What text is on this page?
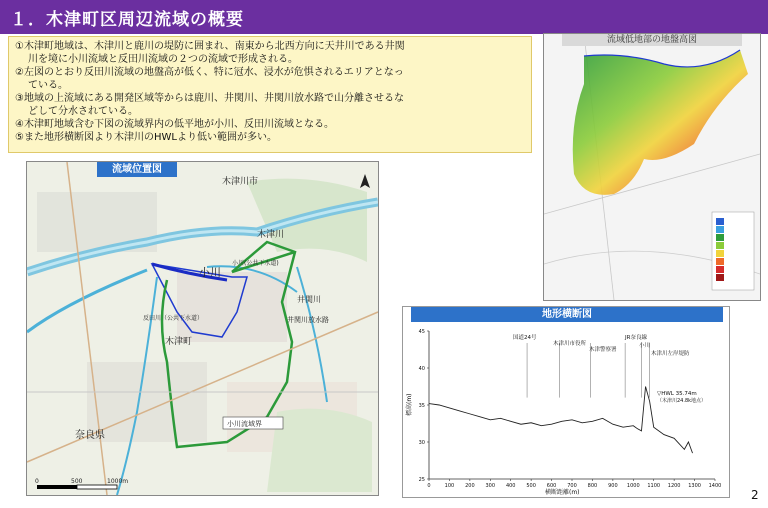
１．木津町区周辺流域の概要
①木津町地域は、木津川と鹿川の堤防に囲まれ、南東から北西方向に天井川である井関
川を境に小川流域と反田川流域の２つの流域で形成される。
②左図のとおり反田川流域の地盤高が低く、特に冠水、浸水が危惧されるエリアとなっ
ている。
③地域の上流域にある開発区域等からは鹿川、井関川、井関川放水路で山分離させるな
どして分水されている。
④木津町地域含む下図の流域界内の低平地が小川、反田川流域となる。
⑤また地形横断図より木津川のHWLより低い範囲が多い。
0	500	1000m
木津川市
木津川
小川
小川(公共下水道)
井関川
井関川放水路
反田川（公共下水道）
木津町
奈良県
小川流域界
流域位置図
流域低地部の地盤高図
地形横断図
0	100 200 300 400 500 600 700 800 900 1000 1100 1200 1300 1400
25
30
35
40
45
標高(m)
横断距離(m)
国道24号
木津川市役所
木津警察署
JR奈良線
小川
木津川左岸堤防
▽HWL 35.74m
（木津川24.8k地点）
2
